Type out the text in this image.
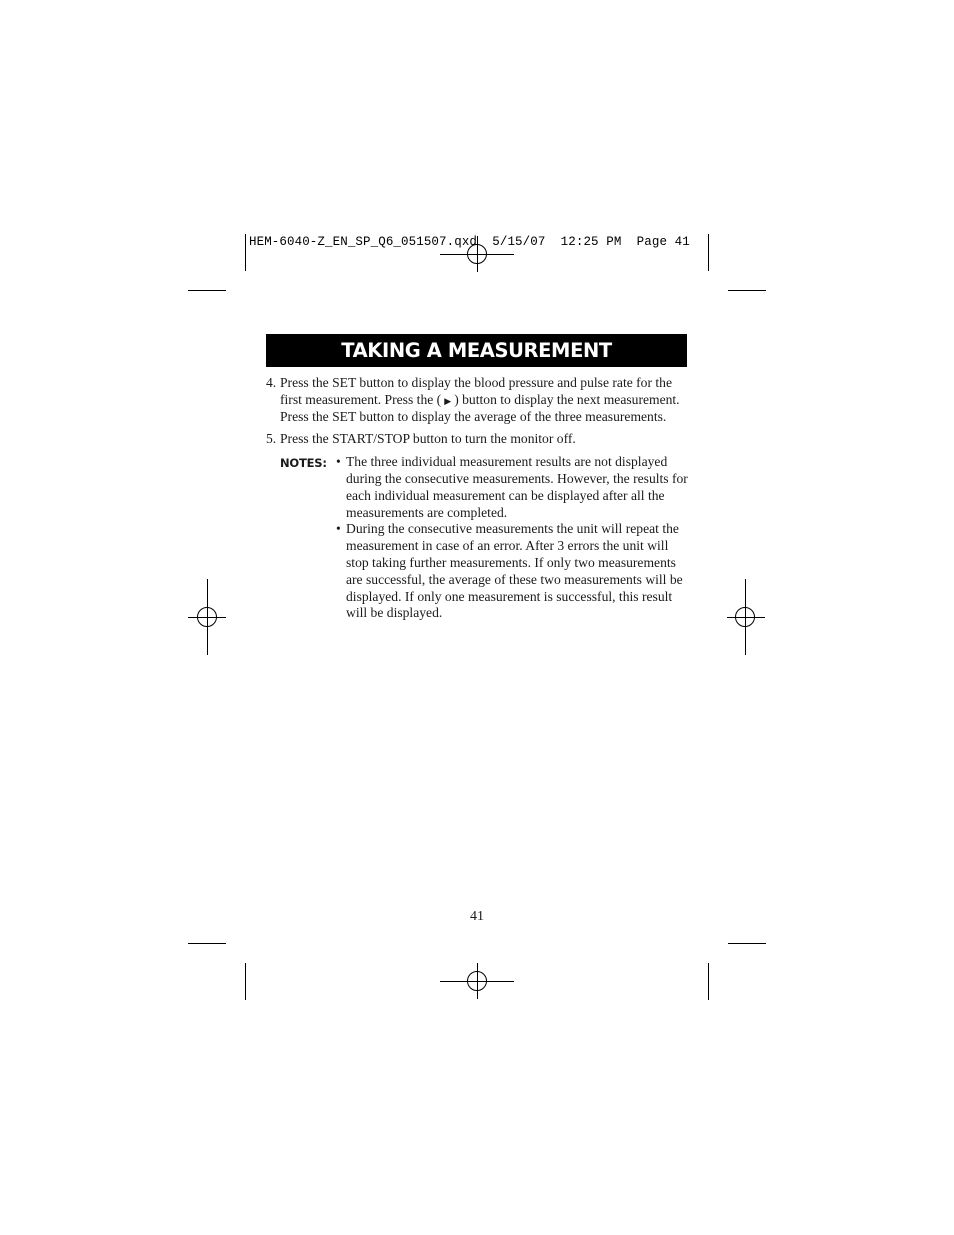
HEM-6040-Z_EN_SP_Q6_051507.qxd  5/15/07  12:25 PM  Page 41
TAKING A MEASUREMENT
4. Press the SET button to display the blood pressure and pulse rate for the first measurement. Press the ( ▶ ) button to display the next measurement. Press the SET button to display the average of the three measurements.
5. Press the START/STOP button to turn the monitor off.
NOTES: • The three individual measurement results are not displayed during the consecutive measurements. However, the results for each individual measurement can be displayed after all the measurements are completed.
• During the consecutive measurements the unit will repeat the measurement in case of an error. After 3 errors the unit will stop taking further measurements. If only two measurements are successful, the average of these two measurements will be displayed. If only one measurement is successful, this result will be displayed.
41
